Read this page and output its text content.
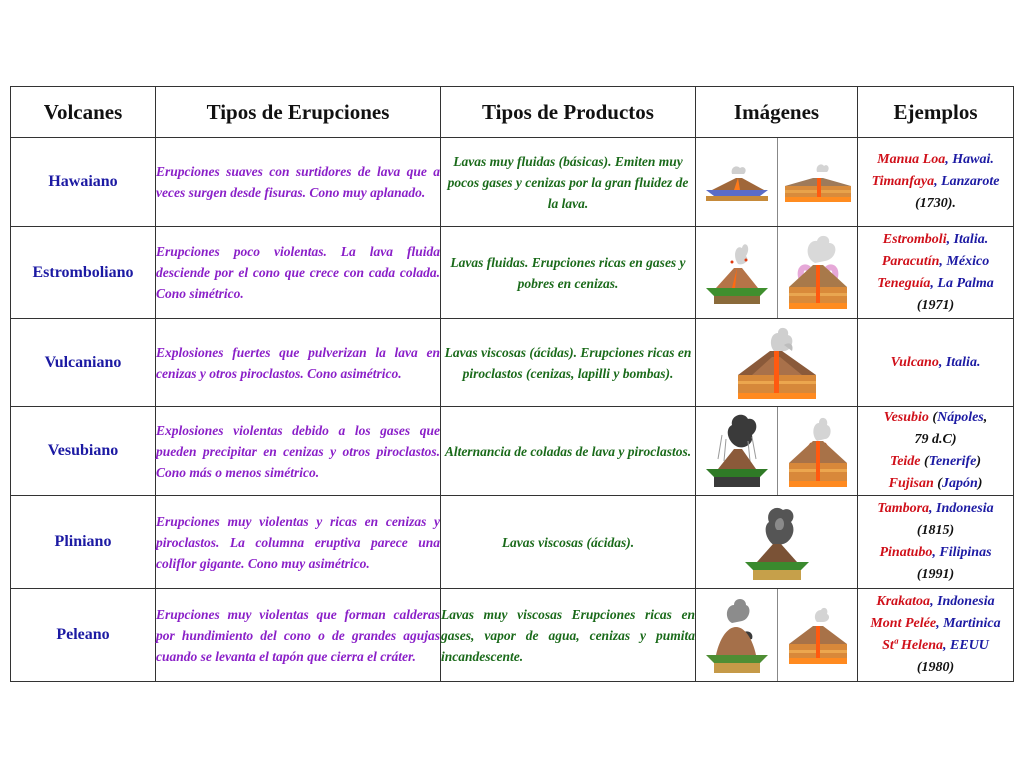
Volcanes	Tipos de Erupciones	Tipos de Productos	Imágenes		Ejemplos
Hawaiano	Erupciones suaves con surtidores de lava que a veces surgen desde fisuras. Cono muy aplanado.	Lavas muy fluidas (básicas). Emiten muy pocos gases y cenizas por la gran fluidez de la lava.			Manua Loa, Hawai.
Timanfaya, Lanzarote
(1730).

Estromboliano	Erupciones poco violentas. La lava fluida desciende por el cono que crece con cada colada. Cono simétrico.	Lavas fluidas. Erupciones ricas en gases y pobres en cenizas.			Estromboli, Italia.
Paracutín, México
Teneguía, La Palma
(1971)

Vulcaniano	Explosiones fuertes que pulverizan la lava en cenizas y otros piroclastos. Cono asimétrico.	Lavas viscosas (ácidas). Erupciones ricas en piroclastos (cenizas, lapilli y bombas).			Vulcano, Italia.

Vesubiano	Explosiones violentas debido a los gases que pueden precipitar en cenizas y otros piroclastos. Cono más o menos simétrico.	Alternancia de coladas de lava y piroclastos.			Vesubio (Nápoles,
79 d.C)
Teide (Tenerife)
Fujisan (Japón)

Pliniano	Erupciones muy violentas y ricas en cenizas y piroclastos. La columna eruptiva parece una coliflor gigante. Cono muy asimétrico.	Lavas viscosas (ácidas).			Tambora, Indonesia
(1815)
Pinatubo, Filipinas
(1991)

Peleano	Erupciones muy violentas que forman calderas por hundimiento del cono o de grandes agujas cuando se levanta el tapón que cierra el cráter.	Lavas muy viscosas Erupciones ricas en gases, vapor de agua, cenizas y pumita incandescente.			Krakatoa, Indonesia
Mont Pelée, Martinica
Stª Helena, EEUU
(1980)
